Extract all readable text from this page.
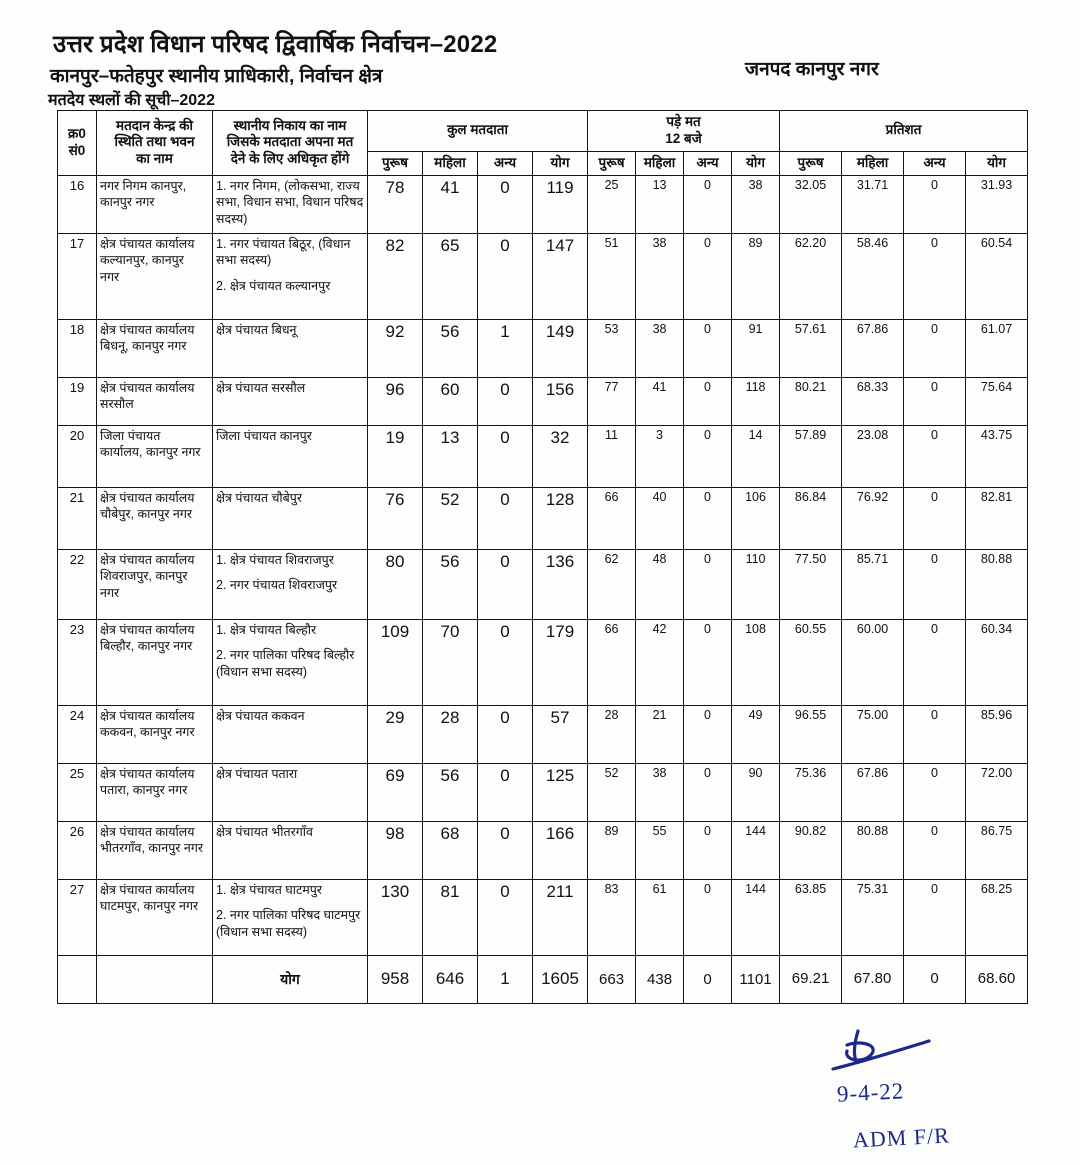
उत्तर प्रदेश विधान परिषद द्विवार्षिक निर्वाचन–2022
कानपुर–फतेहपुर स्थानीय प्राधिकारी, निर्वाचन क्षेत्र
मतदेय स्थलों की सूची–2022
जनपद कानपुर नगर
क्र0
सं0	मतदान केन्द्र की
स्थिति तथा भवन
का नाम	स्थानीय निकाय का नाम
जिसके मतदाता अपना मत
देने के लिए अधिकृत होंगे	कुल मतदाता				पड़े मत
12 बजे				प्रतिशत			
			पुरूष	महिला	अन्य	योग	पुरूष	महिला	अन्य	योग	पुरूष	महिला	अन्य	योग
16	नगर निगम कानपुर,
कानपुर नगर	1. नगर निगम, (लोकसभा, राज्य
सभा, विधान सभा, विधान परिषद
सदस्य)	78	41	0	119	25	13	0	38	32.05	31.71	0	31.93
17	क्षेत्र पंचायत कार्यालय
कल्यानपुर, कानपुर
नगर	1. नगर पंचायत बिठूर, (विधान
सभा सदस्य)
2. क्षेत्र पंचायत कल्यानपुर	82	65	0	147	51	38	0	89	62.20	58.46	0	60.54
18	क्षेत्र पंचायत कार्यालय
बिधनू, कानपुर नगर	क्षेत्र पंचायत बिधनू	92	56	1	149	53	38	0	91	57.61	67.86	0	61.07
19	क्षेत्र पंचायत कार्यालय
सरसौल	क्षेत्र पंचायत सरसौल	96	60	0	156	77	41	0	118	80.21	68.33	0	75.64
20	जिला पंचायत
कार्यालय, कानपुर नगर	जिला पंचायत कानपुर	19	13	0	32	11	3	0	14	57.89	23.08	0	43.75
21	क्षेत्र पंचायत कार्यालय
चौबेपुर, कानपुर नगर	क्षेत्र पंचायत चौबेपुर	76	52	0	128	66	40	0	106	86.84	76.92	0	82.81
22	क्षेत्र पंचायत कार्यालय
शिवराजपुर, कानपुर
नगर	1. क्षेत्र पंचायत शिवराजपुर
2. नगर पंचायत शिवराजपुर	80	56	0	136	62	48	0	110	77.50	85.71	0	80.88
23	क्षेत्र पंचायत कार्यालय
बिल्हौर, कानपुर नगर	1. क्षेत्र पंचायत बिल्हौर
2. नगर पालिका परिषद बिल्हौर
(विधान सभा सदस्य)	109	70	0	179	66	42	0	108	60.55	60.00	0	60.34
24	क्षेत्र पंचायत कार्यालय
ककवन, कानपुर नगर	क्षेत्र पंचायत ककवन	29	28	0	57	28	21	0	49	96.55	75.00	0	85.96
25	क्षेत्र पंचायत कार्यालय
पतारा, कानपुर नगर	क्षेत्र पंचायत पतारा	69	56	0	125	52	38	0	90	75.36	67.86	0	72.00
26	क्षेत्र पंचायत कार्यालय
भीतरगाँव, कानपुर नगर	क्षेत्र पंचायत भीतरगाँव	98	68	0	166	89	55	0	144	90.82	80.88	0	86.75
27	क्षेत्र पंचायत कार्यालय
घाटमपुर, कानपुर नगर	1. क्षेत्र पंचायत घाटमपुर
2. नगर पालिका परिषद घाटमपुर
(विधान सभा सदस्य)	130	81	0	211	83	61	0	144	63.85	75.31	0	68.25
		योग	958	646	1	1605	663	438	0	1101	69.21	67.80	0	68.60
9-4-22
ADM F/R
